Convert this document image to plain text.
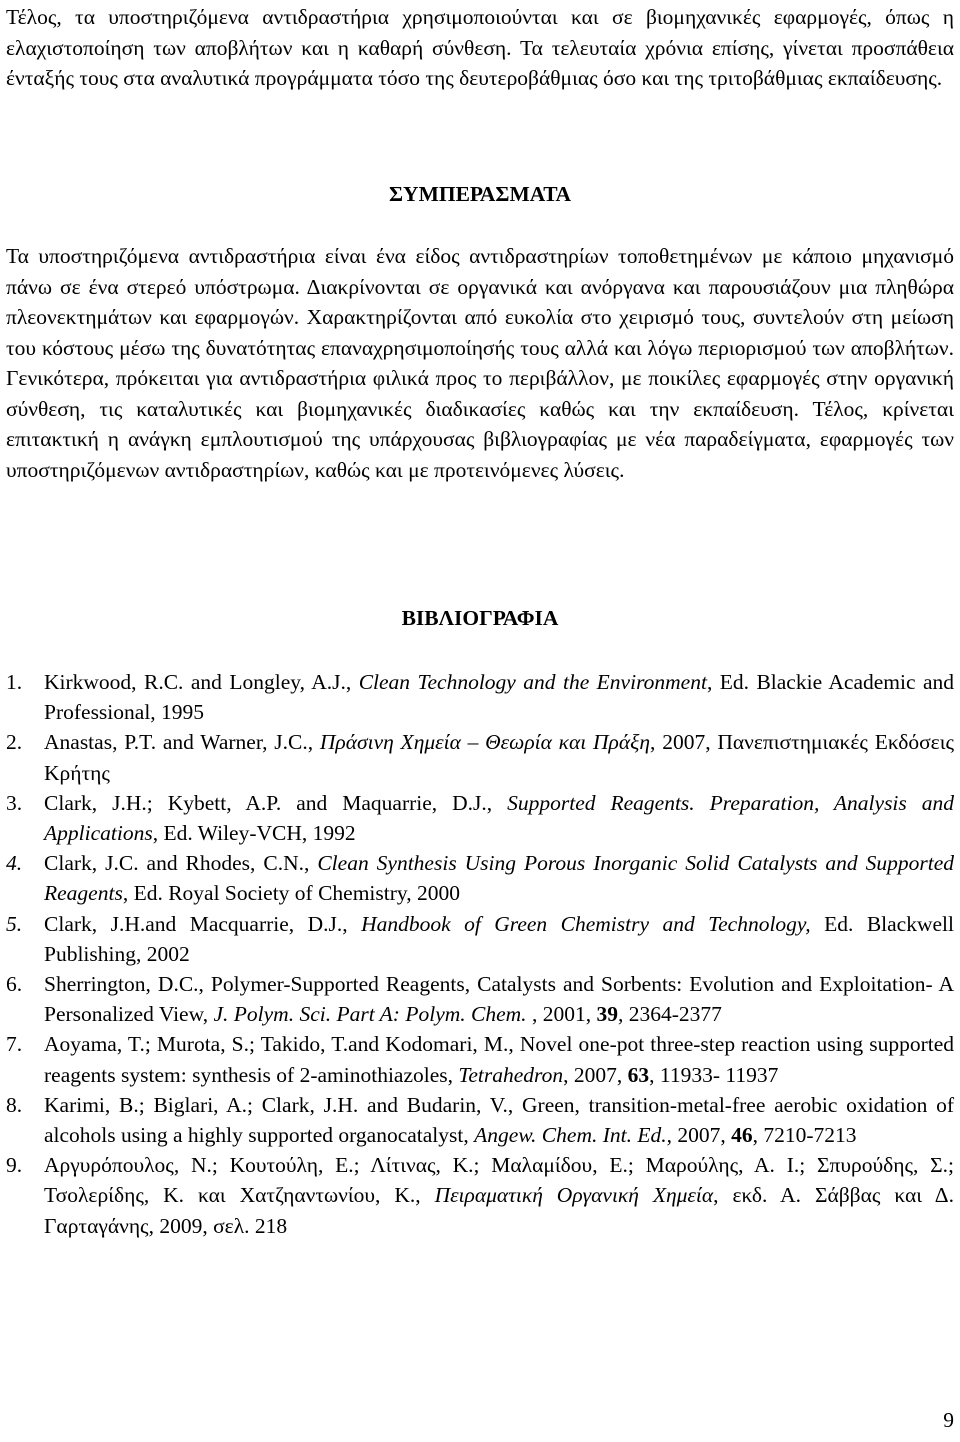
Τέλος, τα υποστηριζόμενα αντιδραστήρια χρησιμοποιούνται και σε βιομηχανικές εφαρμογές, όπως η ελαχιστοποίηση των αποβλήτων και η καθαρή σύνθεση. Τα τελευταία χρόνια επίσης, γίνεται προσπάθεια ένταξής τους στα αναλυτικά προγράμματα τόσο της δευτεροβάθμιας όσο και της τριτοβάθμιας εκπαίδευσης.

ΣΥΜΠΕΡΑΣΜΑΤΑ

Τα υποστηριζόμενα αντιδραστήρια είναι ένα είδος αντιδραστηρίων τοποθετημένων με κάποιο μηχανισμό πάνω σε ένα στερεό υπόστρωμα. Διακρίνονται σε οργανικά και ανόργανα και παρουσιάζουν μια πληθώρα πλεονεκτημάτων και εφαρμογών. Χαρακτηρίζονται από ευκολία στο χειρισμό τους, συντελούν στη μείωση του κόστους μέσω της δυνατότητας επαναχρησιμοποίησής τους αλλά και λόγω περιορισμού των αποβλήτων. Γενικότερα, πρόκειται για αντιδραστήρια φιλικά προς το περιβάλλον, με ποικίλες εφαρμογές στην οργανική σύνθεση, τις καταλυτικές και βιομηχανικές διαδικασίες καθώς και την εκπαίδευση. Τέλος, κρίνεται επιτακτική η ανάγκη εμπλουτισμού της υπάρχουσας βιβλιογραφίας με νέα παραδείγματα, εφαρμογές των υποστηριζόμενων αντιδραστηρίων, καθώς και με προτεινόμενες λύσεις.

ΒΙΒΛΙΟΓΡΑΦΙΑ
1. Kirkwood, R.C. and Longley, A.J., Clean Technology and the Environment, Ed. Blackie Academic and Professional, 1995
2. Anastas, P.T. and Warner, J.C., Πράσινη Χημεία – Θεωρία και Πράξη, 2007, Πανεπιστημιακές Εκδόσεις Κρήτης
3. Clark, J.H.; Kybett, A.P. and Maquarrie, D.J., Supported Reagents. Preparation, Analysis and Applications, Ed. Wiley-VCH, 1992
4. Clark, J.C. and Rhodes, C.N., Clean Synthesis Using Porous Inorganic Solid Catalysts and Supported Reagents, Ed. Royal Society of Chemistry, 2000
5. Clark, J.H.and Macquarrie, D.J., Handbook of Green Chemistry and Technology, Ed. Blackwell Publishing, 2002
6. Sherrington, D.C., Polymer-Supported Reagents, Catalysts and Sorbents: Evolution and Exploitation- A Personalized View, J. Polym. Sci. Part A: Polym. Chem. , 2001, 39, 2364-2377
7. Aoyama, T.; Murota, S.; Takido, T.and Kodomari, M., Novel one-pot three-step reaction using supported reagents system: synthesis of 2-aminothiazoles, Tetrahedron, 2007, 63, 11933- 11937
8. Karimi, B.; Biglari, A.; Clark, J.H. and Budarin, V., Green, transition-metal-free aerobic oxidation of alcohols using a highly supported organocatalyst, Angew. Chem. Int. Ed., 2007, 46, 7210-7213
9. Αργυρόπουλος, Ν.; Κουτούλη, Ε.; Λίτινας, Κ.; Μαλαμίδου, Ε.; Μαρούλης, Α. Ι.; Σπυρούδης, Σ.; Τσολερίδης, Κ. και Χατζηαντωνίου, Κ., Πειραματική Οργανική Χημεία, εκδ. Α. Σάββας και Δ. Γαρταγάνης, 2009, σελ. 218
9
